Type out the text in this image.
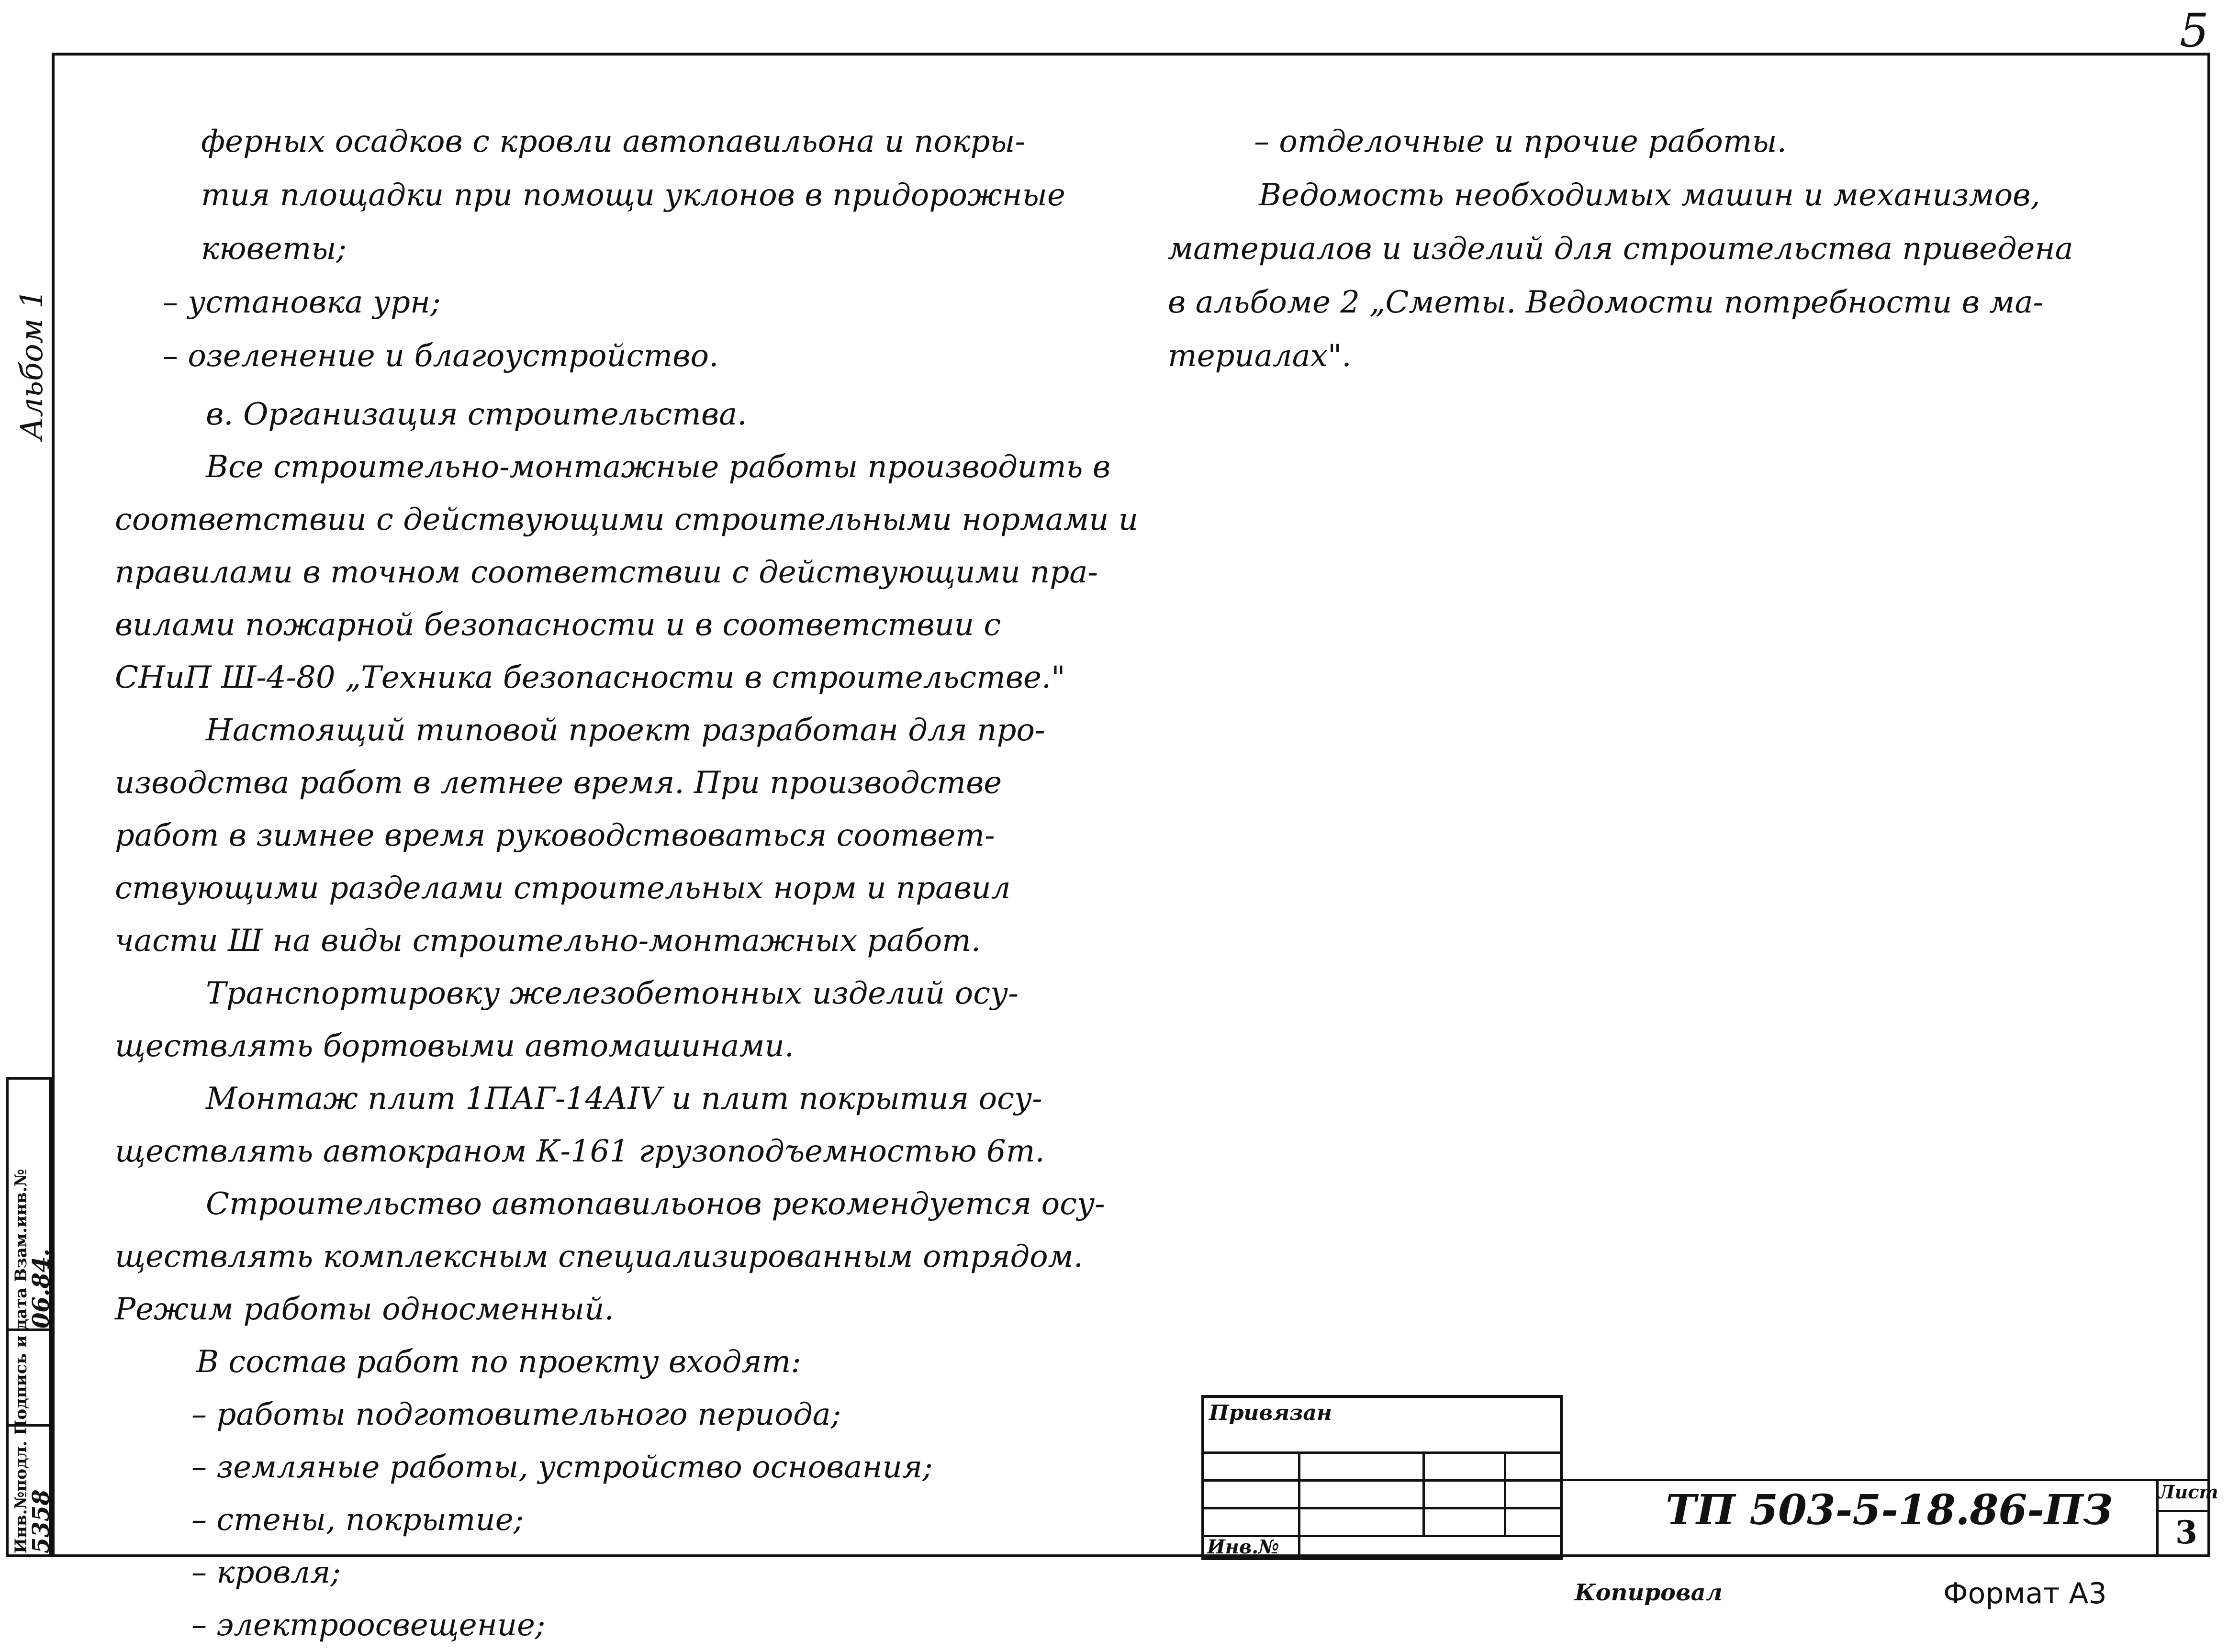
5
Альбом 1
Инв.№подл. Подпись и дата Взам.инв.№
5358
06.84.
ферных осадков с кровли автопавильона и покры-
тия площадки при помощи уклонов в придорожные
кюветы;
– установка урн;
– озеленение и благоустройство.
в. Организация строительства.
Все строительно-монтажные работы производить в
соответствии с действующими строительными нормами и
правилами в точном соответствии с действующими пра-
вилами пожарной безопасности и в соответствии с
СНиП Ш-4-80 „Техника безопасности в строительстве."
Настоящий типовой проект разработан для про-
изводства работ в летнее время. При производстве
работ в зимнее время руководствоваться соответ-
ствующими разделами строительных норм и правил
части Ш на виды строительно-монтажных работ.
Транспортировку железобетонных изделий осу-
ществлять бортовыми автомашинами.
Монтаж плит 1ПАГ-14АIV и плит покрытия осу-
ществлять автокраном К-161 грузоподъемностью 6т.
Строительство автопавильонов рекомендуется осу-
ществлять комплексным специализированным отрядом.
Режим работы односменный.
В состав работ по проекту входят:
– работы подготовительного периода;
– земляные работы, устройство основания;
– стены, покрытие;
– кровля;
– электроосвещение;
– отделочные и прочие работы.
Ведомость необходимых машин и механизмов,
материалов и изделий для строительства приведена
в альбоме 2 „Сметы. Ведомости потребности в ма-
териалах".
Привязан
Инв.№
ТП 503-5-18.86-ПЗ	Лист
3
Копировал	Формат А3
